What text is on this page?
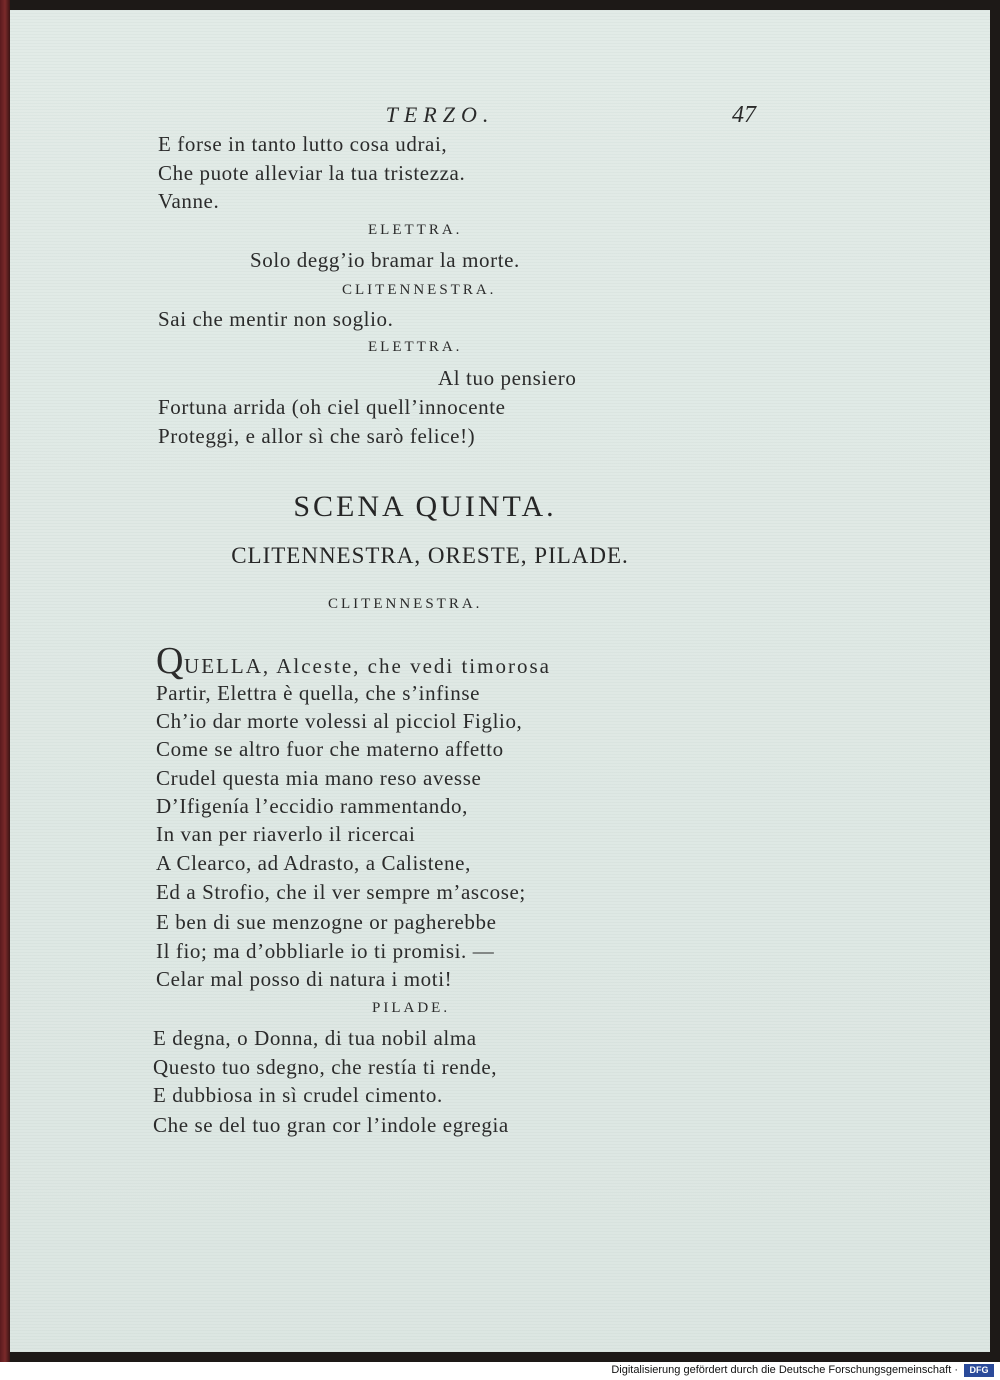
TERZO.	47
E forse in tanto lutto cosa udrai,
Che puote alleviar la tua tristezza.
Vanne.
ELETTRA.
Solo degg’io bramar la morte.
CLITENNESTRA.
Sai che mentir non soglio.
ELETTRA.
Al tuo pensiero
Fortuna arrida (oh ciel quell’innocente
Proteggi, e allor sì che sarò felice!)
SCENA QUINTA.
CLITENNESTRA, ORESTE, PILADE.
CLITENNESTRA.
QUELLA, Alceste, che vedi timorosa
Partir, Elettra è quella, che s’infinse
Ch’io dar morte volessi al picciol Figlio,
Come se altro fuor che materno affetto
Crudel questa mia mano reso avesse
D’Ifigenía l’eccidio rammentando,
In van per riaverlo il ricercai
A Clearco, ad Adrasto, a Calistene,
Ed a Strofio, che il ver sempre m’ascose;
E ben di sue menzogne or pagherebbe
Il fio; ma d’obbliarle io ti promisi. —
Celar mal posso di natura i moti!
PILADE.
E degna, o Donna, di tua nobil alma
Questo tuo sdegno, che restía ti rende,
E dubbiosa in sì crudel cimento.
Che se del tuo gran cor l’indole egregia
Digitalisierung gefördert durch die Deutsche Forschungsgemeinschaft ·	DFG
